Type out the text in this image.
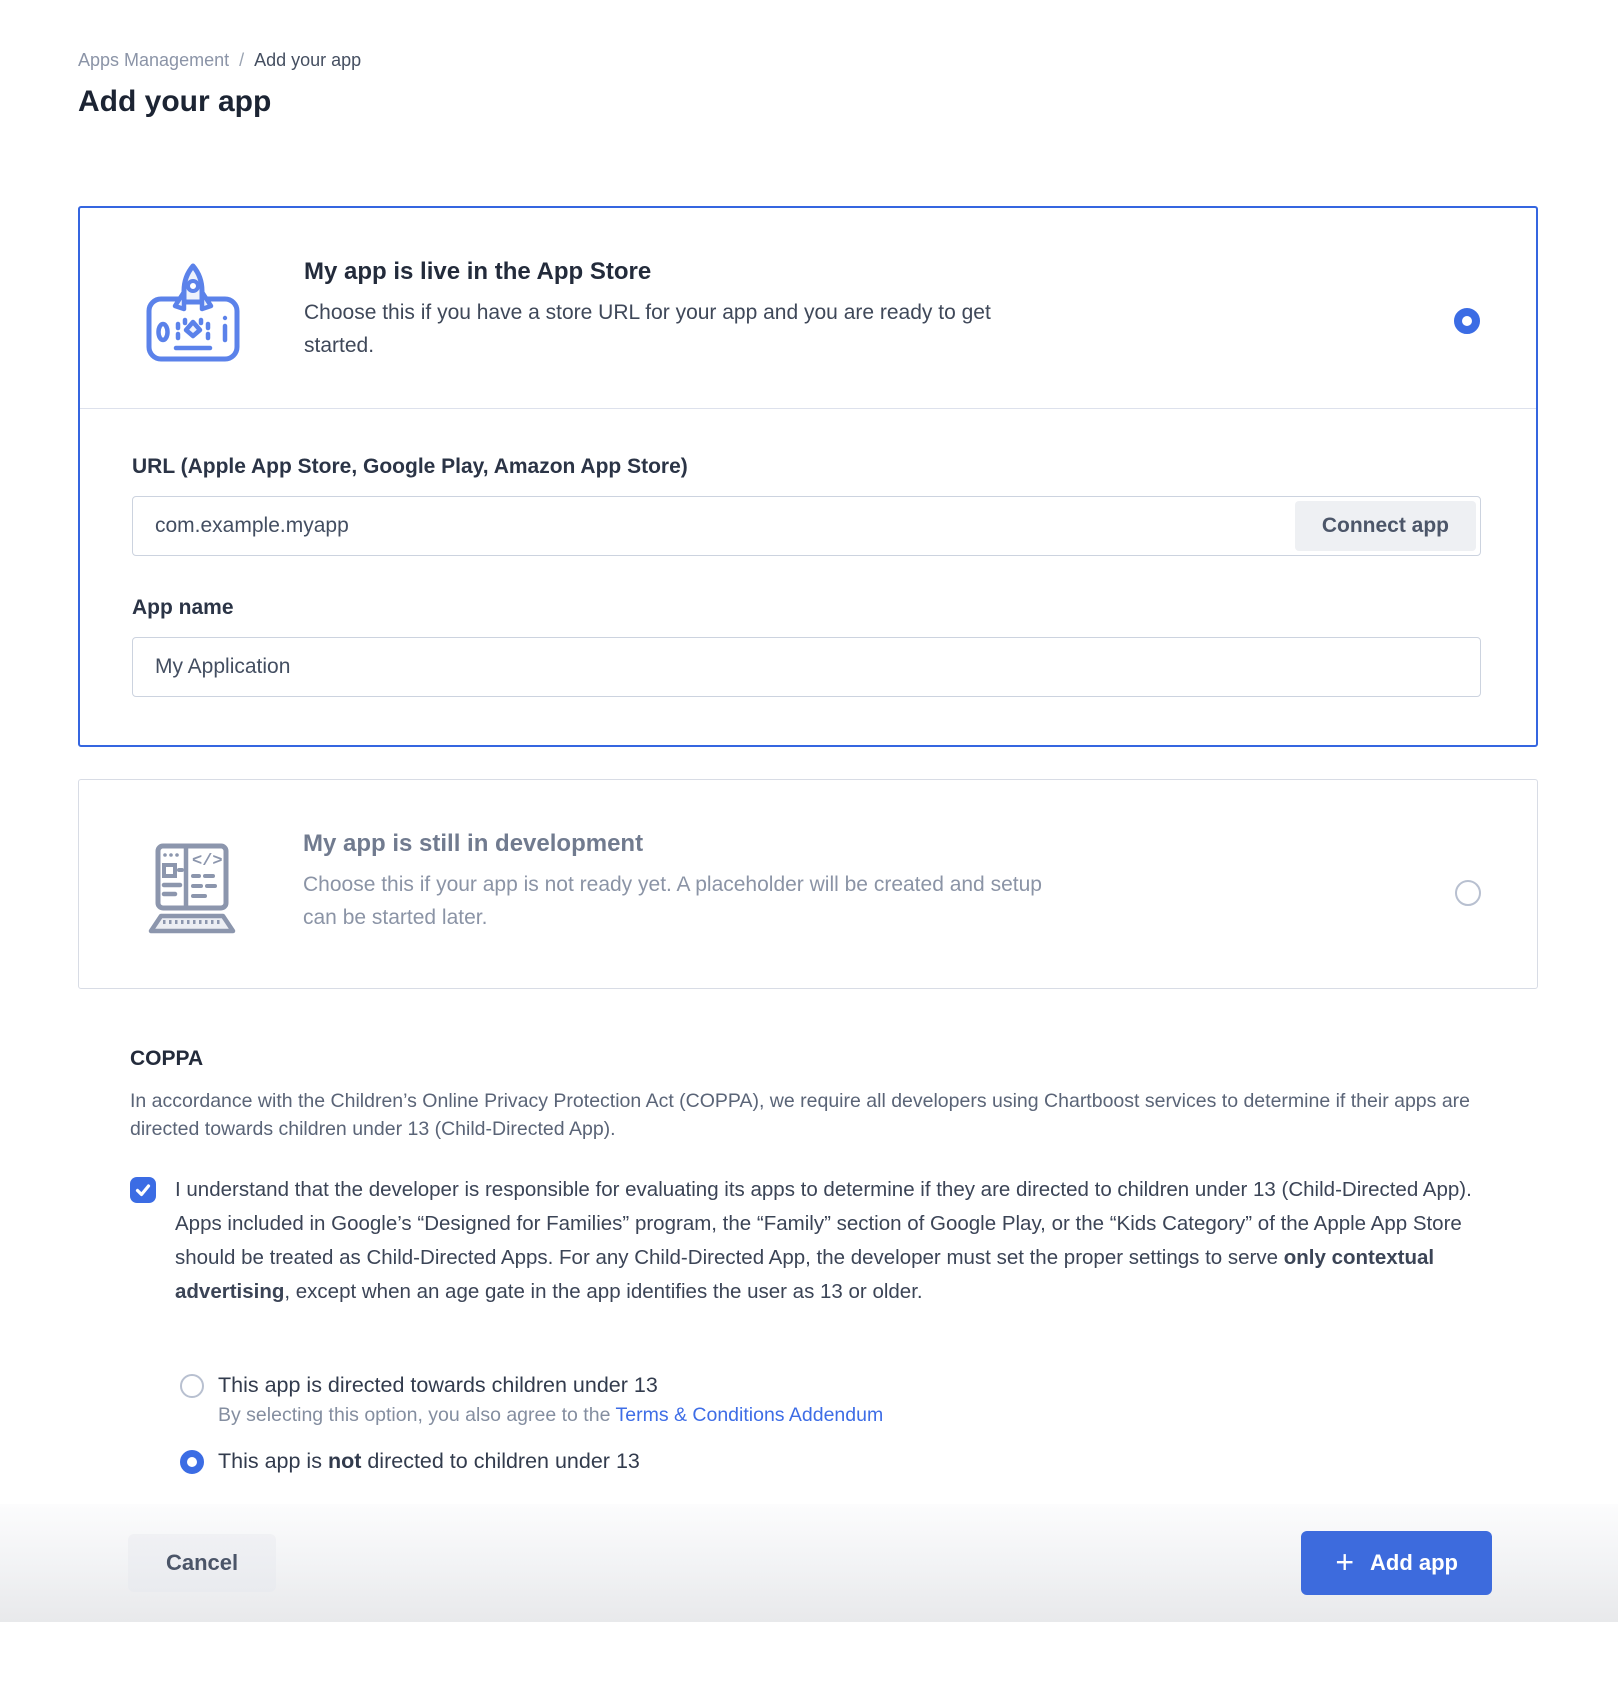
Apps Management / Add your app
Add your app
My app is live in the App Store
Choose this if you have a store URL for your app and you are ready to get started.
URL (Apple App Store, Google Play, Amazon App Store)
com.example.myapp
Connect app
App name
My Application
</>
My app is still in development
Choose this if your app is not ready yet. A placeholder will be created and setup can be started later.
COPPA

In accordance with the Children’s Online Privacy Protection Act (COPPA), we require all developers using Chartboost services to determine if their apps are directed towards children under 13 (Child-Directed App).

I understand that the developer is responsible for evaluating its apps to determine if they are directed to children under 13 (Child-Directed App). Apps included in Google’s “Designed for Families” program, the “Family” section of Google Play, or the “Kids Category” of the Apple App Store should be treated as Child-Directed Apps. For any Child-Directed App, the developer must set the proper settings to serve only contextual advertising, except when an age gate in the app identifies the user as 13 or older.
This app is directed towards children under 13
By selecting this option, you also agree to the Terms & Conditions Addendum
This app is not directed to children under 13
Cancel	+ Add app
